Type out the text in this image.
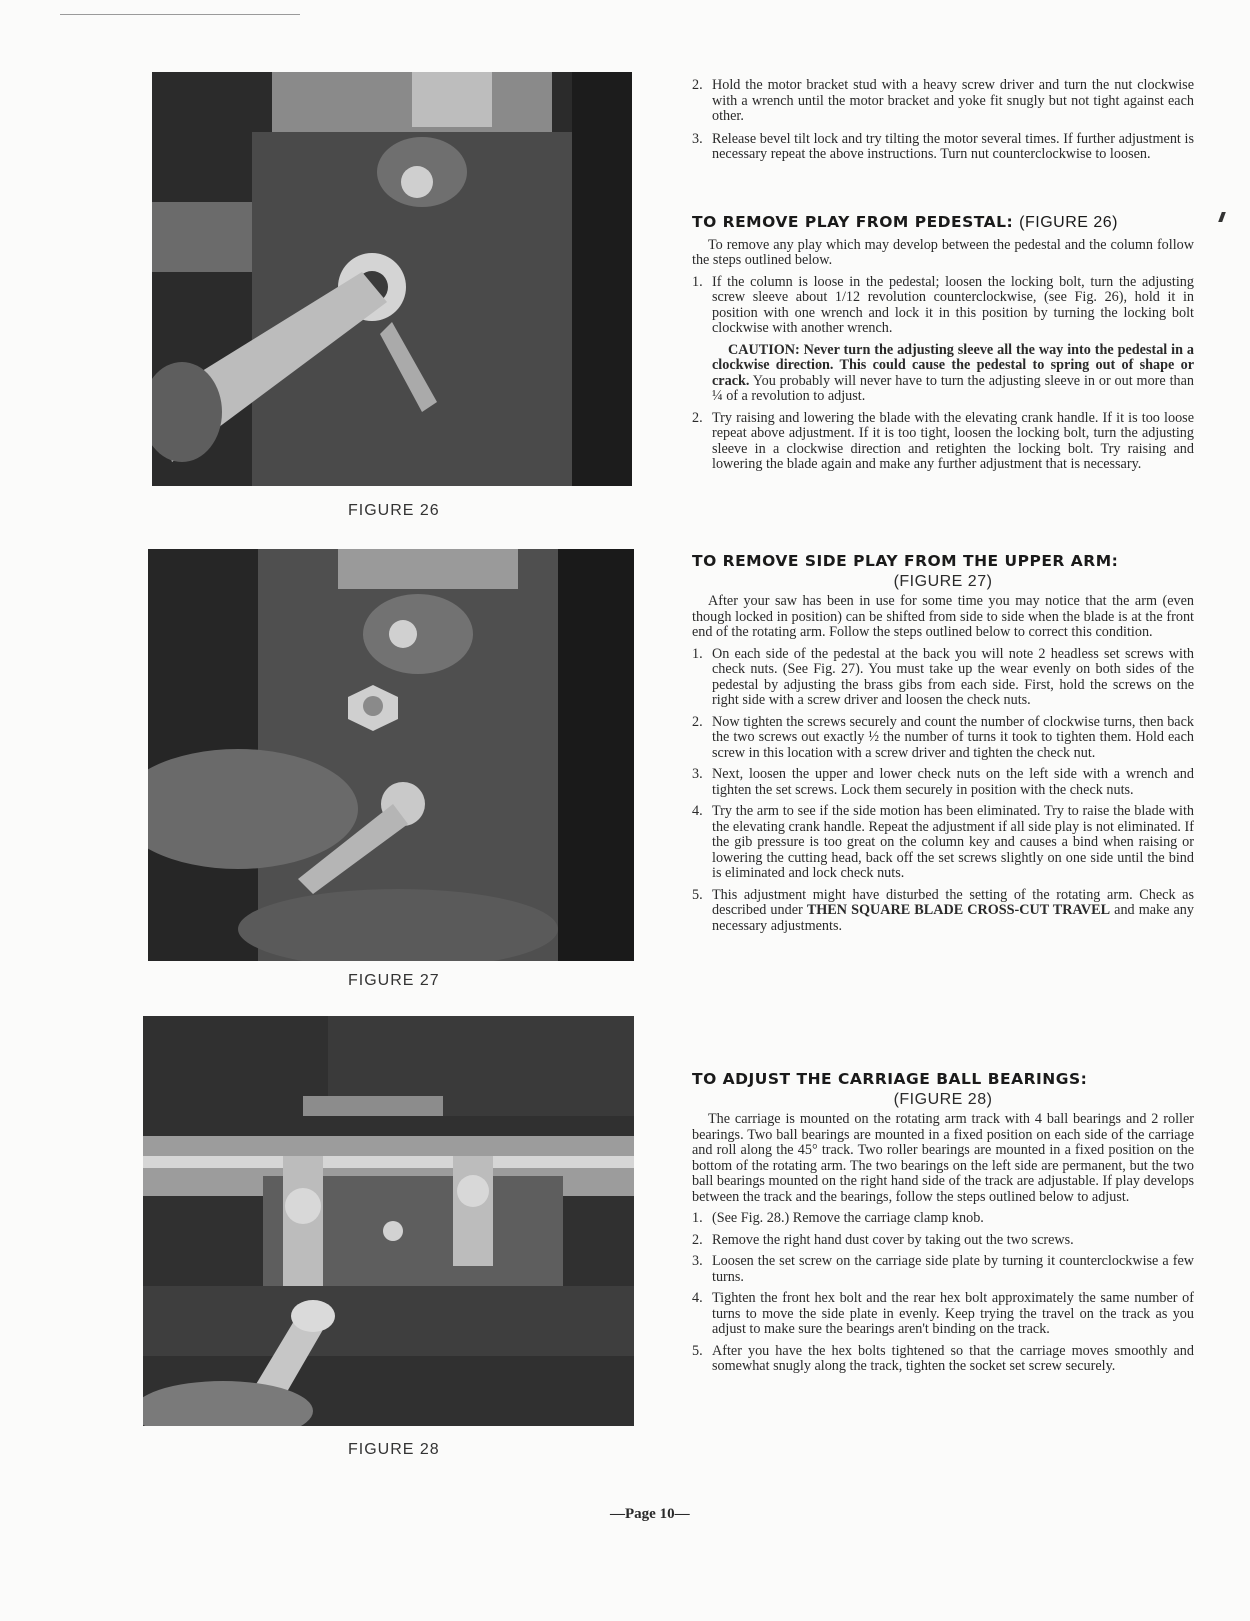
FIGURE 26
FIGURE 27
FIGURE 28

2. Hold the motor bracket stud with a heavy screw driver and turn the nut clockwise with a wrench until the motor bracket and yoke fit snugly but not tight against each other.

3. Release bevel tilt lock and try tilting the motor several times. If further adjustment is necessary repeat the above instructions. Turn nut counterclockwise to loosen.

TO REMOVE PLAY FROM PEDESTAL: (FIGURE 26)

To remove any play which may develop between the pedestal and the column follow the steps outlined below.

1. If the column is loose in the pedestal; loosen the locking bolt, turn the adjusting screw sleeve about 1/12 revolution counterclockwise, (see Fig. 26), hold it in position with one wrench and lock it in this position by turning the locking bolt clockwise with another wrench.

CAUTION: Never turn the adjusting sleeve all the way into the pedestal in a clockwise direction. This could cause the pedestal to spring out of shape or crack. You probably will never have to turn the adjusting sleeve in or out more than ¼ of a revolution to adjust.

2. Try raising and lowering the blade with the elevating crank handle. If it is too loose repeat above adjustment. If it is too tight, loosen the locking bolt, turn the adjusting sleeve in a clockwise direction and retighten the locking bolt. Try raising and lowering the blade again and make any further adjustment that is necessary.

TO REMOVE SIDE PLAY FROM THE UPPER ARM:
(FIGURE 27)

After your saw has been in use for some time you may notice that the arm (even though locked in position) can be shifted from side to side when the blade is at the front end of the rotating arm. Follow the steps outlined below to correct this condition.

1. On each side of the pedestal at the back you will note 2 headless set screws with check nuts. (See Fig. 27). You must take up the wear evenly on both sides of the pedestal by adjusting the brass gibs from each side. First, hold the screws on the right side with a screw driver and loosen the check nuts.

2. Now tighten the screws securely and count the number of clockwise turns, then back the two screws out exactly ½ the number of turns it took to tighten them. Hold each screw in this location with a screw driver and tighten the check nut.

3. Next, loosen the upper and lower check nuts on the left side with a wrench and tighten the set screws. Lock them securely in position with the check nuts.

4. Try the arm to see if the side motion has been eliminated. Try to raise the blade with the elevating crank handle. Repeat the adjustment if all side play is not eliminated. If the gib pressure is too great on the column key and causes a bind when raising or lowering the cutting head, back off the set screws slightly on one side until the bind is eliminated and lock check nuts.

5. This adjustment might have disturbed the setting of the rotating arm. Check as described under THEN SQUARE BLADE CROSS-CUT TRAVEL and make any necessary adjustments.

TO ADJUST THE CARRIAGE BALL BEARINGS:
(FIGURE 28)

The carriage is mounted on the rotating arm track with 4 ball bearings and 2 roller bearings. Two ball bearings are mounted in a fixed position on each side of the carriage and roll along the 45° track. Two roller bearings are mounted in a fixed position on the bottom of the rotating arm. The two bearings on the left side are permanent, but the two ball bearings mounted on the right hand side of the track are adjustable. If play develops between the track and the bearings, follow the steps outlined below to adjust.

1. (See Fig. 28.) Remove the carriage clamp knob.

2. Remove the right hand dust cover by taking out the two screws.

3. Loosen the set screw on the carriage side plate by turning it counterclockwise a few turns.

4. Tighten the front hex bolt and the rear hex bolt approximately the same number of turns to move the side plate in evenly. Keep trying the travel on the track as you adjust to make sure the bearings aren't binding on the track.

5. After you have the hex bolts tightened so that the carriage moves smoothly and somewhat snugly along the track, tighten the socket set screw securely.

—Page 10—
